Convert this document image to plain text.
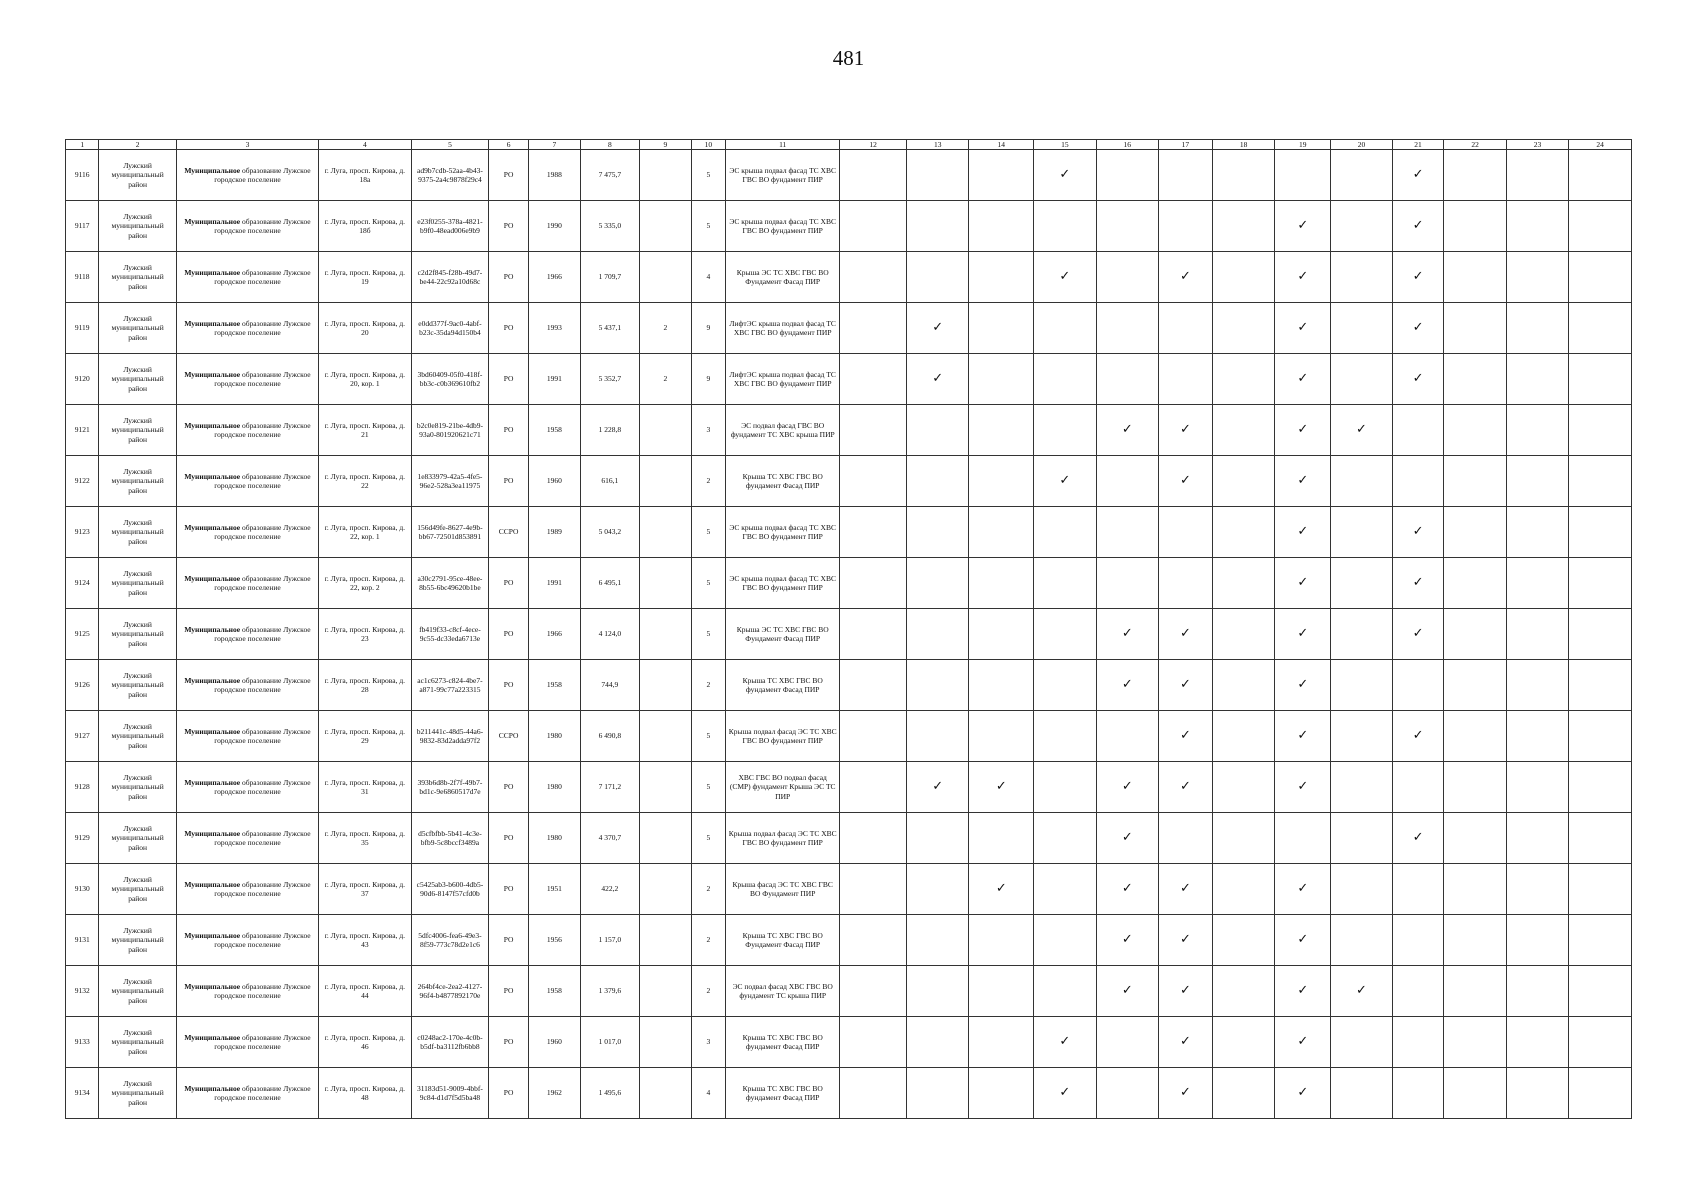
481
1	2	3	4	5	6	7	8	9	10	11	12	13	14	15	16	17	18	19	20	21	22	23	24
9116	Лужский муниципальный район	Муниципальное образование Лужское городское поселение	г. Луга, просп. Кирова, д. 18а	ad9b7cdb-52aa-4b43-9375-2a4c9878f29c4	РО	1988	7 475,7		5	ЭС крыша подвал фасад ТС ХВС ГВС ВО фундамент ПИР				✓						✓			
9117	Лужский муниципальный район	Муниципальное образование Лужское городское поселение	г. Луга, просп. Кирова, д. 18б	e23f0255-378a-4821-b9f0-48ead006e9b9	РО	1990	5 335,0		5	ЭС крыша подвал фасад ТС ХВС ГВС ВО фундамент ПИР								✓		✓			
9118	Лужский муниципальный район	Муниципальное образование Лужское городское поселение	г. Луга, просп. Кирова, д. 19	c2d2f845-f28b-49d7-be44-22c92a10d68c	РО	1966	1 709,7		4	Крыша ЭС ТС ХВС ГВС ВО Фундамент Фасад ПИР				✓		✓		✓		✓			
9119	Лужский муниципальный район	Муниципальное образование Лужское городское поселение	г. Луга, просп. Кирова, д. 20	e0dd377f-9ac0-4abf-b23c-35da94d150b4	РО	1993	5 437,1	2	9	ЛифтЭС крыша подвал фасад ТС ХВС ГВС ВО фундамент ПИР		✓						✓		✓			
9120	Лужский муниципальный район	Муниципальное образование Лужское городское поселение	г. Луга, просп. Кирова, д. 20, кор. 1	3bd60409-05f0-418f-bb3c-c0b369610fb2	РО	1991	5 352,7	2	9	ЛифтЭС крыша подвал фасад ТС ХВС ГВС ВО фундамент ПИР		✓						✓		✓			
9121	Лужский муниципальный район	Муниципальное образование Лужское городское поселение	г. Луга, просп. Кирова, д. 21	b2c0e819-21be-4db9-93a0-801920621c71	РО	1958	1 228,8		3	ЭС подвал фасад ГВС ВО фундамент ТС ХВС крыша ПИР					✓	✓		✓	✓				
9122	Лужский муниципальный район	Муниципальное образование Лужское городское поселение	г. Луга, просп. Кирова, д. 22	1e833979-42a5-4fe5-96e2-528a3ea11975	РО	1960	616,1		2	Крыша ТС ХВС ГВС ВО фундамент Фасад ПИР				✓		✓		✓					
9123	Лужский муниципальный район	Муниципальное образование Лужское городское поселение	г. Луга, просп. Кирова, д. 22, кор. 1	156d49fe-8627-4e9b-bb67-72501d853891	ССРО	1989	5 043,2		5	ЭС крыша подвал фасад ТС ХВС ГВС ВО фундамент ПИР								✓		✓			
9124	Лужский муниципальный район	Муниципальное образование Лужское городское поселение	г. Луга, просп. Кирова, д. 22, кор. 2	a30c2791-95ce-48ee-8b55-6bc49620b1be	РО	1991	6 495,1		5	ЭС крыша подвал фасад ТС ХВС ГВС ВО фундамент ПИР								✓		✓			
9125	Лужский муниципальный район	Муниципальное образование Лужское городское поселение	г. Луга, просп. Кирова, д. 23	fb419f33-c8cf-4ece-9c55-dc33eda6713e	РО	1966	4 124,0		5	Крыша ЭС ТС ХВС ГВС ВО Фундамент Фасад ПИР					✓	✓		✓		✓			
9126	Лужский муниципальный район	Муниципальное образование Лужское городское поселение	г. Луга, просп. Кирова, д. 28	ac1c6273-c824-4be7-a871-99c77a223315	РО	1958	744,9		2	Крыша ТС ХВС ГВС ВО фундамент Фасад ПИР					✓	✓		✓					
9127	Лужский муниципальный район	Муниципальное образование Лужское городское поселение	г. Луга, просп. Кирова, д. 29	b211441c-48d5-44a6-9832-83d2adda97f2	ССРО	1980	6 490,8		5	Крыша подвал фасад ЭС ТС ХВС ГВС ВО фундамент ПИР						✓		✓		✓			
9128	Лужский муниципальный район	Муниципальное образование Лужское городское поселение	г. Луга, просп. Кирова, д. 31	393b6d8b-2f7f-49b7-bd1c-9e6860517d7e	РО	1980	7 171,2		5	ХВС ГВС ВО подвал фасад (СМР) фундамент Крыша ЭС ТС ПИР		✓	✓		✓	✓		✓					
9129	Лужский муниципальный район	Муниципальное образование Лужское городское поселение	г. Луга, просп. Кирова, д. 35	d5cfbfbb-5b41-4c3e-bfb9-5c8bccf3489a	РО	1980	4 370,7		5	Крыша подвал фасад ЭС ТС ХВС ГВС ВО фундамент ПИР					✓					✓			
9130	Лужский муниципальный район	Муниципальное образование Лужское городское поселение	г. Луга, просп. Кирова, д. 37	c5425ab3-b600-4db5-90d6-8147f57cfd0b	РО	1951	422,2		2	Крыша фасад ЭС ТС ХВС ГВС ВО Фундамент ПИР			✓		✓	✓		✓					
9131	Лужский муниципальный район	Муниципальное образование Лужское городское поселение	г. Луга, просп. Кирова, д. 43	5dfc4006-fea6-49e3-8f59-773c78d2e1c6	РО	1956	1 157,0		2	Крыша ТС ХВС ГВС ВО Фундамент Фасад ПИР					✓	✓		✓					
9132	Лужский муниципальный район	Муниципальное образование Лужское городское поселение	г. Луга, просп. Кирова, д. 44	264bf4ce-2ea2-4127-96f4-b4877892170e	РО	1958	1 379,6		2	ЭС подвал фасад ХВС ГВС ВО фундамент ТС крыша ПИР					✓	✓		✓	✓				
9133	Лужский муниципальный район	Муниципальное образование Лужское городское поселение	г. Луга, просп. Кирова, д. 46	c0248ac2-170e-4c0b-b5df-ba3112fb6bb8	РО	1960	1 017,0		3	Крыша ТС ХВС ГВС ВО фундамент Фасад ПИР				✓		✓		✓					
9134	Лужский муниципальный район	Муниципальное образование Лужское городское поселение	г. Луга, просп. Кирова, д. 48	31183d51-9009-4bbf-9c84-d1d7f5d5ba48	РО	1962	1 495,6		4	Крыша ТС ХВС ГВС ВО фундамент Фасад ПИР				✓		✓		✓					
